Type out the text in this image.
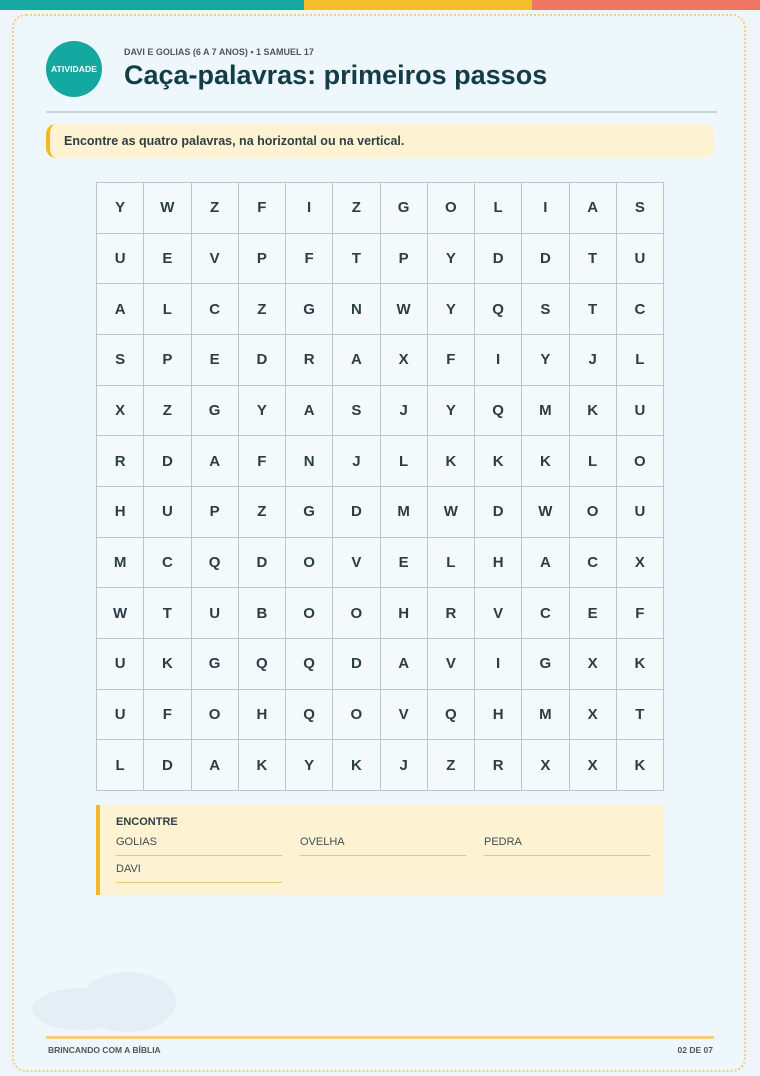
ATIVIDADE
DAVI E GOLIAS (6 A 7 ANOS) • 1 SAMUEL 17
Caça-palavras: primeiros passos
Encontre as quatro palavras, na horizontal ou na vertical.
Y	W	Z	F	I	Z	G	O	L	I	A	S
U	E	V	P	F	T	P	Y	D	D	T	U
A	L	C	Z	G	N	W	Y	Q	S	T	C
S	P	E	D	R	A	X	F	I	Y	J	L
X	Z	G	Y	A	S	J	Y	Q	M	K	U
R	D	A	F	N	J	L	K	K	K	L	O
H	U	P	Z	G	D	M	W	D	W	O	U
M	C	Q	D	O	V	E	L	H	A	C	X
W	T	U	B	O	O	H	R	V	C	E	F
U	K	G	Q	Q	D	A	V	I	G	X	K
U	F	O	H	Q	O	V	Q	H	M	X	T
L	D	A	K	Y	K	J	Z	R	X	X	K
ENCONTRE
GOLIAS	OVELHA	PEDRA
DAVI
BRINCANDO COM A BÍBLIA	02 DE 07
